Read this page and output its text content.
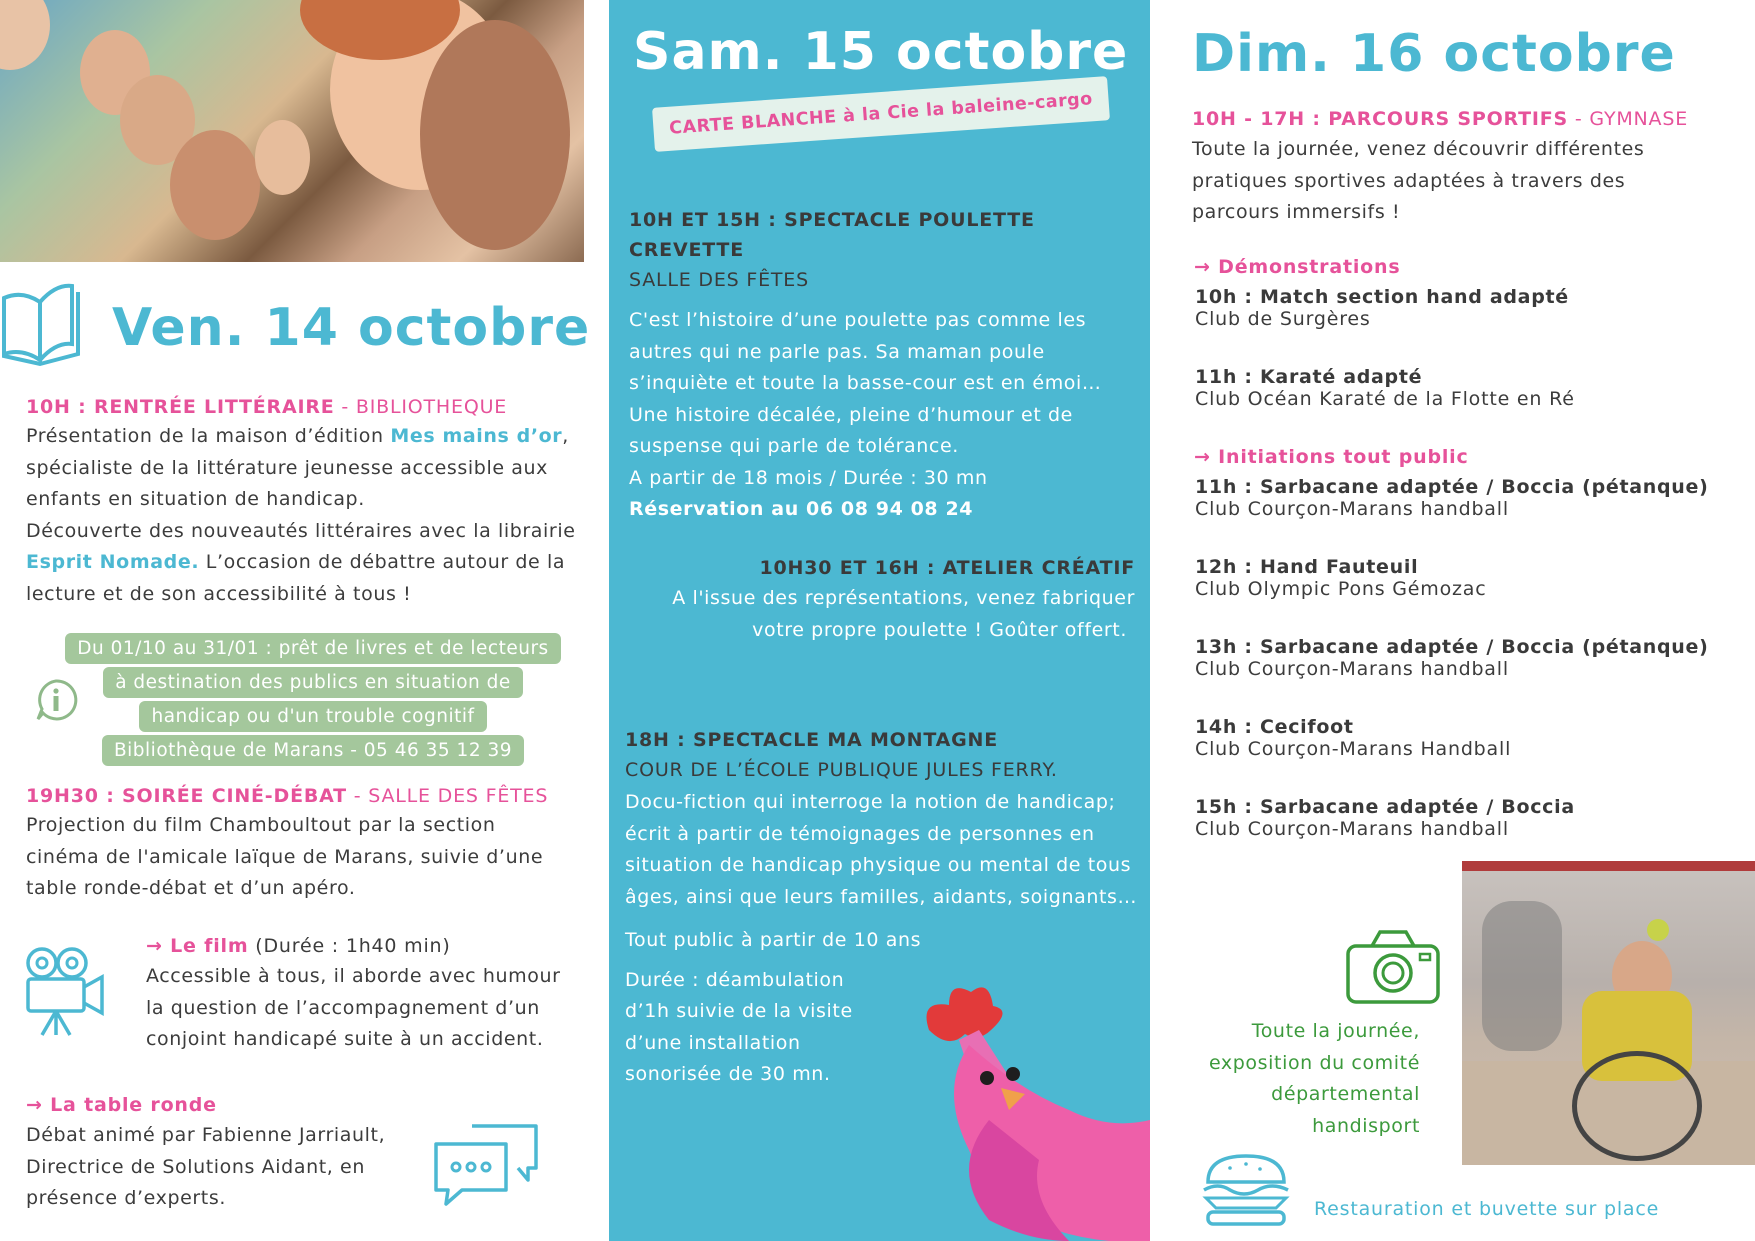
Ven. 14 octobre
10H : RENTRÉE LITTÉRAIRE - BIBLIOTHEQUE
Présentation de la maison d’édition Mes mains d’or,
spécialiste de la littérature jeunesse accessible aux
enfants en situation de handicap.
Découverte des nouveautés littéraires avec la librairie
Esprit Nomade. L’occasion de débattre autour de la
lecture et de son accessibilité à tous !
Du 01/10 au 31/01 : prêt de livres et de lecteurs
à destination des publics en situation de
handicap ou d'un trouble cognitif
Bibliothèque de Marans - 05 46 35 12 39
19H30 : SOIRÉE CINÉ-DÉBAT - SALLE DES FÊTES
Projection du film Chamboultout par la section
cinéma de l'amicale laïque de Marans, suivie d’une
table ronde-débat et d’un apéro.
→ Le film (Durée : 1h40 min)
Accessible à tous, il aborde avec humour
la question de l’accompagnement d’un
conjoint handicapé suite à un accident.
→ La table ronde
Débat animé par Fabienne Jarriault,
Directrice de Solutions Aidant, en
présence d’experts.
Sam. 15 octobre
CARTE BLANCHE à la Cie la baleine-cargo
10H ET 15H : SPECTACLE POULETTE CREVETTE
SALLE DES FÊTES
C'est l’histoire d’une poulette pas comme les
autres qui ne parle pas. Sa maman poule
s’inquiète et toute la basse-cour est en émoi…
Une histoire décalée, pleine d’humour et de
suspense qui parle de tolérance.
A partir de 18 mois / Durée : 30 mn
Réservation au 06 08 94 08 24
10H30 ET 16H : ATELIER CRÉATIF
A l'issue des représentations, venez fabriquer
votre propre poulette ! Goûter offert.
18H : SPECTACLE MA MONTAGNE
COUR DE L’ÉCOLE PUBLIQUE JULES FERRY.
Docu-fiction qui interroge la notion de handicap;
écrit à partir de témoignages de personnes en
situation de handicap physique ou mental de tous
âges, ainsi que leurs familles, aidants, soignants…
Tout public à partir de 10 ans
Durée : déambulation
d’1h suivie de la visite
d’une installation
sonorisée de 30 mn.
Dim. 16 octobre
10H - 17H : PARCOURS SPORTIFS - GYMNASE
Toute la journée, venez découvrir différentes
pratiques sportives adaptées à travers des
parcours immersifs !
→ Démonstrations
10h : Match section hand adapté
Club de Surgères
11h : Karaté adapté
Club Océan Karaté de la Flotte en Ré
→ Initiations tout public
11h : Sarbacane adaptée / Boccia (pétanque)
Club Courçon-Marans handball
12h : Hand Fauteuil
Club Olympic Pons Gémozac
13h : Sarbacane adaptée / Boccia (pétanque)
Club Courçon-Marans handball
14h : Cecifoot
Club Courçon-Marans Handball
15h : Sarbacane adaptée / Boccia
Club Courçon-Marans handball
Toute la journée,
exposition du comité
départemental
handisport
Restauration et buvette sur place
